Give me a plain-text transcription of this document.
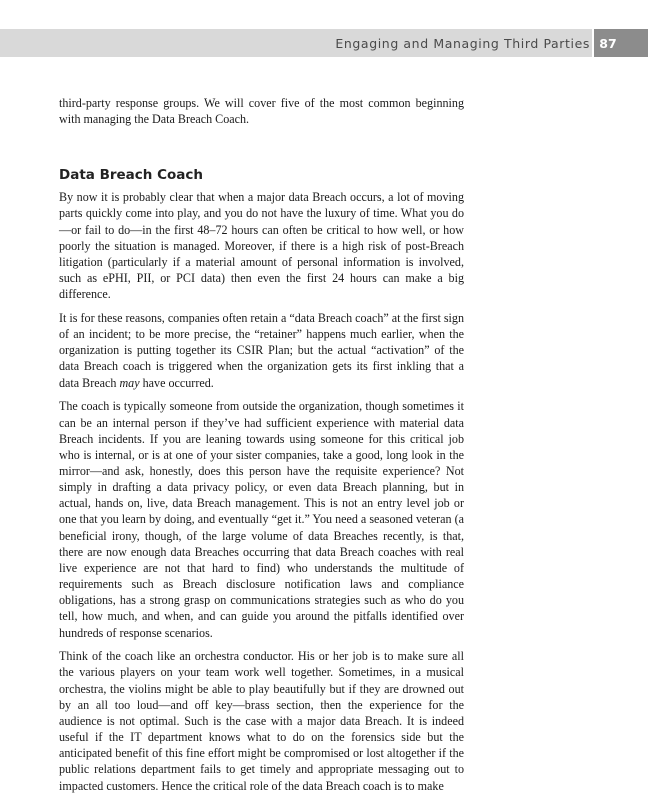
Engaging and Managing Third Parties 87

third-party response groups. We will cover five of the most common beginning with managing the Data Breach Coach.

Data Breach Coach

By now it is probably clear that when a major data Breach occurs, a lot of moving parts quickly come into play, and you do not have the luxury of time. What you do—or fail to do—in the first 48–72 hours can often be critical to how well, or how poorly the situation is managed. Moreover, if there is a high risk of post-Breach litigation (particularly if a material amount of personal information is involved, such as ePHI, PII, or PCI data) then even the first 24 hours can make a big difference.

It is for these reasons, companies often retain a “data Breach coach” at the first sign of an incident; to be more precise, the “retainer” happens much earlier, when the organization is putting together its CSIR Plan; but the actual “activation” of the data Breach coach is triggered when the organization gets its first inkling that a data Breach may have occurred.

The coach is typically someone from outside the organization, though sometimes it can be an internal person if they’ve had sufficient experience with material data Breach incidents. If you are leaning towards using someone for this critical job who is internal, or is at one of your sister companies, take a good, long look in the mirror—and ask, honestly, does this person have the requisite experience? Not simply in drafting a data privacy policy, or even data Breach planning, but in actual, hands on, live, data Breach management. This is not an entry level job or one that you learn by doing, and eventually “get it.” You need a seasoned veteran (a beneficial irony, though, of the large volume of data Breaches recently, is that, there are now enough data Breaches occurring that data Breach coaches with real live experience are not that hard to find) who understands the multitude of requirements such as Breach disclosure notification laws and compliance obligations, has a strong grasp on communications strategies such as who do you tell, how much, and when, and can guide you around the pitfalls identified over hundreds of response scenarios.

Think of the coach like an orchestra conductor. His or her job is to make sure all the various players on your team work well together. Sometimes, in a musical orchestra, the violins might be able to play beautifully but if they are drowned out by an all too loud—and off key—brass section, then the experience for the audience is not optimal. Such is the case with a major data Breach. It is indeed useful if the IT department knows what to do on the forensics side but the anticipated benefit of this fine effort might be compromised or lost altogether if the public relations department fails to get timely and appropriate messaging out to impacted customers. Hence the critical role of the data Breach coach is to make
